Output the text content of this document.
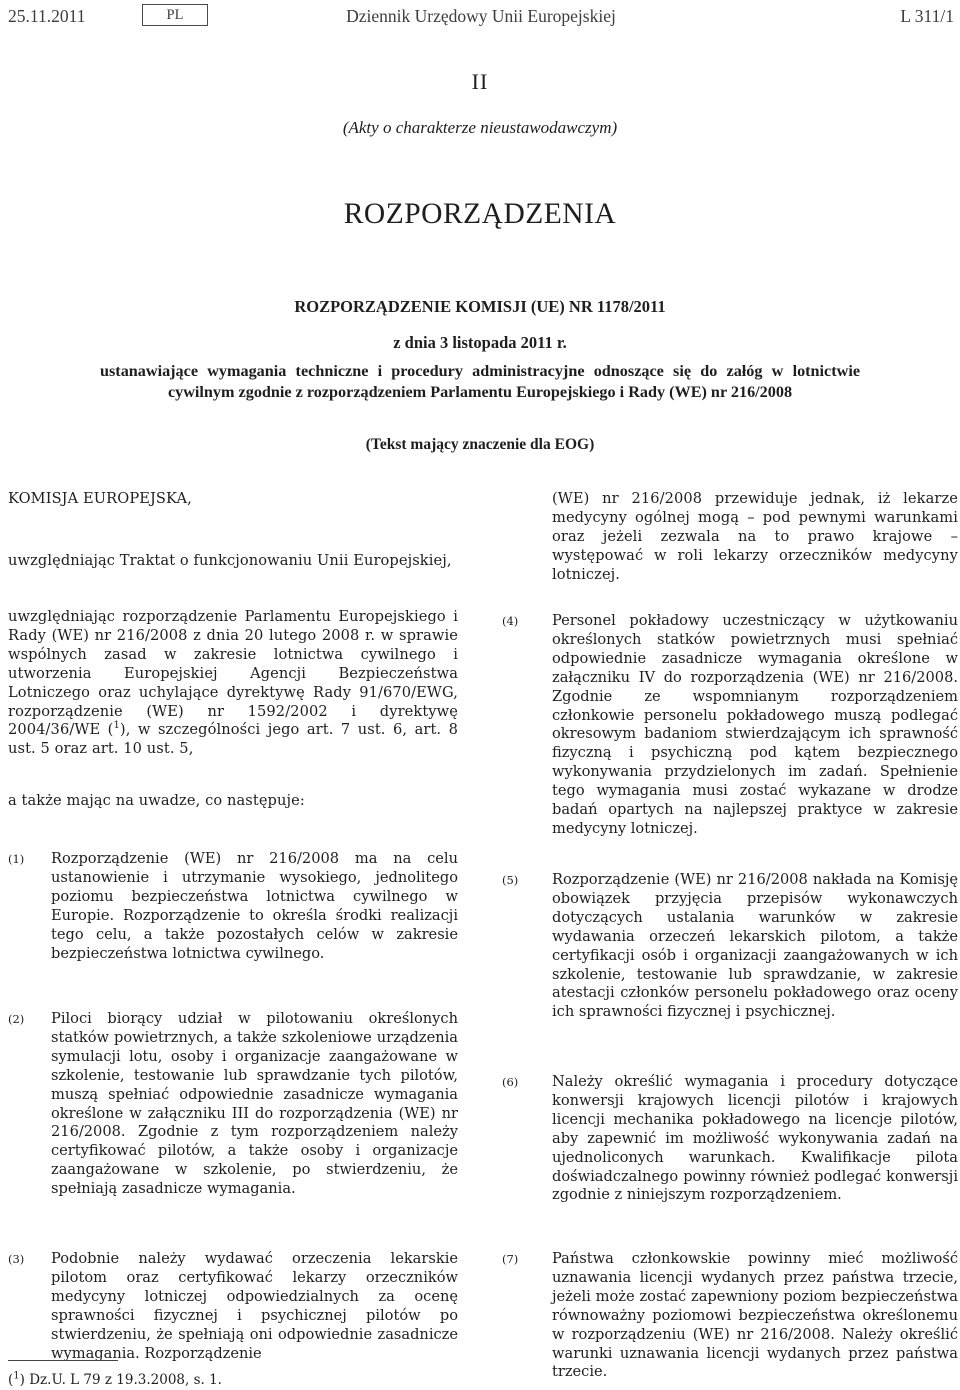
25.11.2011	PL	Dziennik Urzędowy Unii Europejskiej	L 311/1
II
(Akty o charakterze nieustawodawczym)
ROZPORZĄDZENIA
ROZPORZĄDZENIE KOMISJI (UE) NR 1178/2011
z dnia 3 listopada 2011 r.
ustanawiające wymagania techniczne i procedury administracyjne odnoszące się do załóg w lotnictwie cywilnym zgodnie z rozporządzeniem Parlamentu Europejskiego i Rady (WE) nr 216/2008
(Tekst mający znaczenie dla EOG)
KOMISJA EUROPEJSKA,
uwzględniając Traktat o funkcjonowaniu Unii Europejskiej,

uwzględniając rozporządzenie Parlamentu Europejskiego i Rady (WE) nr 216/2008 z dnia 20 lutego 2008 r. w sprawie wspólnych zasad w zakresie lotnictwa cywilnego i utworzenia Europejskiej Agencji Bezpieczeństwa Lotniczego oraz uchylające dyrektywę Rady 91/670/EWG, rozporządzenie (WE) nr 1592/2002 i dyrektywę 2004/36/WE ($^1$), w szczególności jego art. 7 ust. 6, art. 8 ust. 5 oraz art. 10 ust. 5,

a także mając na uwadze, co następuje:
(WE) nr 216/2008 przewiduje jednak, iż lekarze medycyny ogólnej mogą – pod pewnymi warunkami oraz jeżeli zezwala na to prawo krajowe – występować w roli lekarzy orzeczników medycyny lotniczej.
(1) Rozporządzenie (WE) nr 216/2008 ma na celu ustanowienie i utrzymanie wysokiego, jednolitego poziomu bezpieczeństwa lotnictwa cywilnego w Europie. Rozporządzenie to określa środki realizacji tego celu, a także pozostałych celów w zakresie bezpieczeństwa lotnictwa cywilnego.
(2) Piloci biorący udział w pilotowaniu określonych statków powietrznych, a także szkoleniowe urządzenia symulacji lotu, osoby i organizacje zaangażowane w szkolenie, testowanie lub sprawdzanie tych pilotów, muszą spełniać odpowiednie zasadnicze wymagania określone w załączniku III do rozporządzenia (WE) nr 216/2008. Zgodnie z tym rozporządzeniem należy certyfikować pilotów, a także osoby i organizacje zaangażowane w szkolenie, po stwierdzeniu, że spełniają zasadnicze wymagania.
(3) Podobnie należy wydawać orzeczenia lekarskie pilotom oraz certyfikować lekarzy orzeczników medycyny lotniczej odpowiedzialnych za ocenę sprawności fizycznej i psychicznej pilotów po stwierdzeniu, że spełniają oni odpowiednie zasadnicze wymagania. Rozporządzenie
(4) Personel pokładowy uczestniczący w użytkowaniu określonych statków powietrznych musi spełniać odpowiednie zasadnicze wymagania określone w załączniku IV do rozporządzenia (WE) nr 216/2008. Zgodnie ze wspomnianym rozporządzeniem członkowie personelu pokładowego muszą podlegać okresowym badaniom stwierdzającym ich sprawność fizyczną i psychiczną pod kątem bezpiecznego wykonywania przydzielonych im zadań. Spełnienie tego wymagania musi zostać wykazane w drodze badań opartych na najlepszej praktyce w zakresie medycyny lotniczej.
(5) Rozporządzenie (WE) nr 216/2008 nakłada na Komisję obowiązek przyjęcia przepisów wykonawczych dotyczących ustalania warunków w zakresie wydawania orzeczeń lekarskich pilotom, a także certyfikacji osób i organizacji zaangażowanych w ich szkolenie, testowanie lub sprawdzanie, w zakresie atestacji członków personelu pokładowego oraz oceny ich sprawności fizycznej i psychicznej.
(6) Należy określić wymagania i procedury dotyczące konwersji krajowych licencji pilotów i krajowych licencji mechanika pokładowego na licencje pilotów, aby zapewnić im możliwość wykonywania zadań na ujednoliconych warunkach. Kwalifikacje pilota doświadczalnego powinny również podlegać konwersji zgodnie z niniejszym rozporządzeniem.
(7) Państwa członkowskie powinny mieć możliwość uznawania licencji wydanych przez państwa trzecie, jeżeli może zostać zapewniony poziom bezpieczeństwa równoważny poziomowi bezpieczeństwa określonemu w rozporządzeniu (WE) nr 216/2008. Należy określić warunki uznawania licencji wydanych przez państwa trzecie.
($^1$) Dz.U. L 79 z 19.3.2008, s. 1.
